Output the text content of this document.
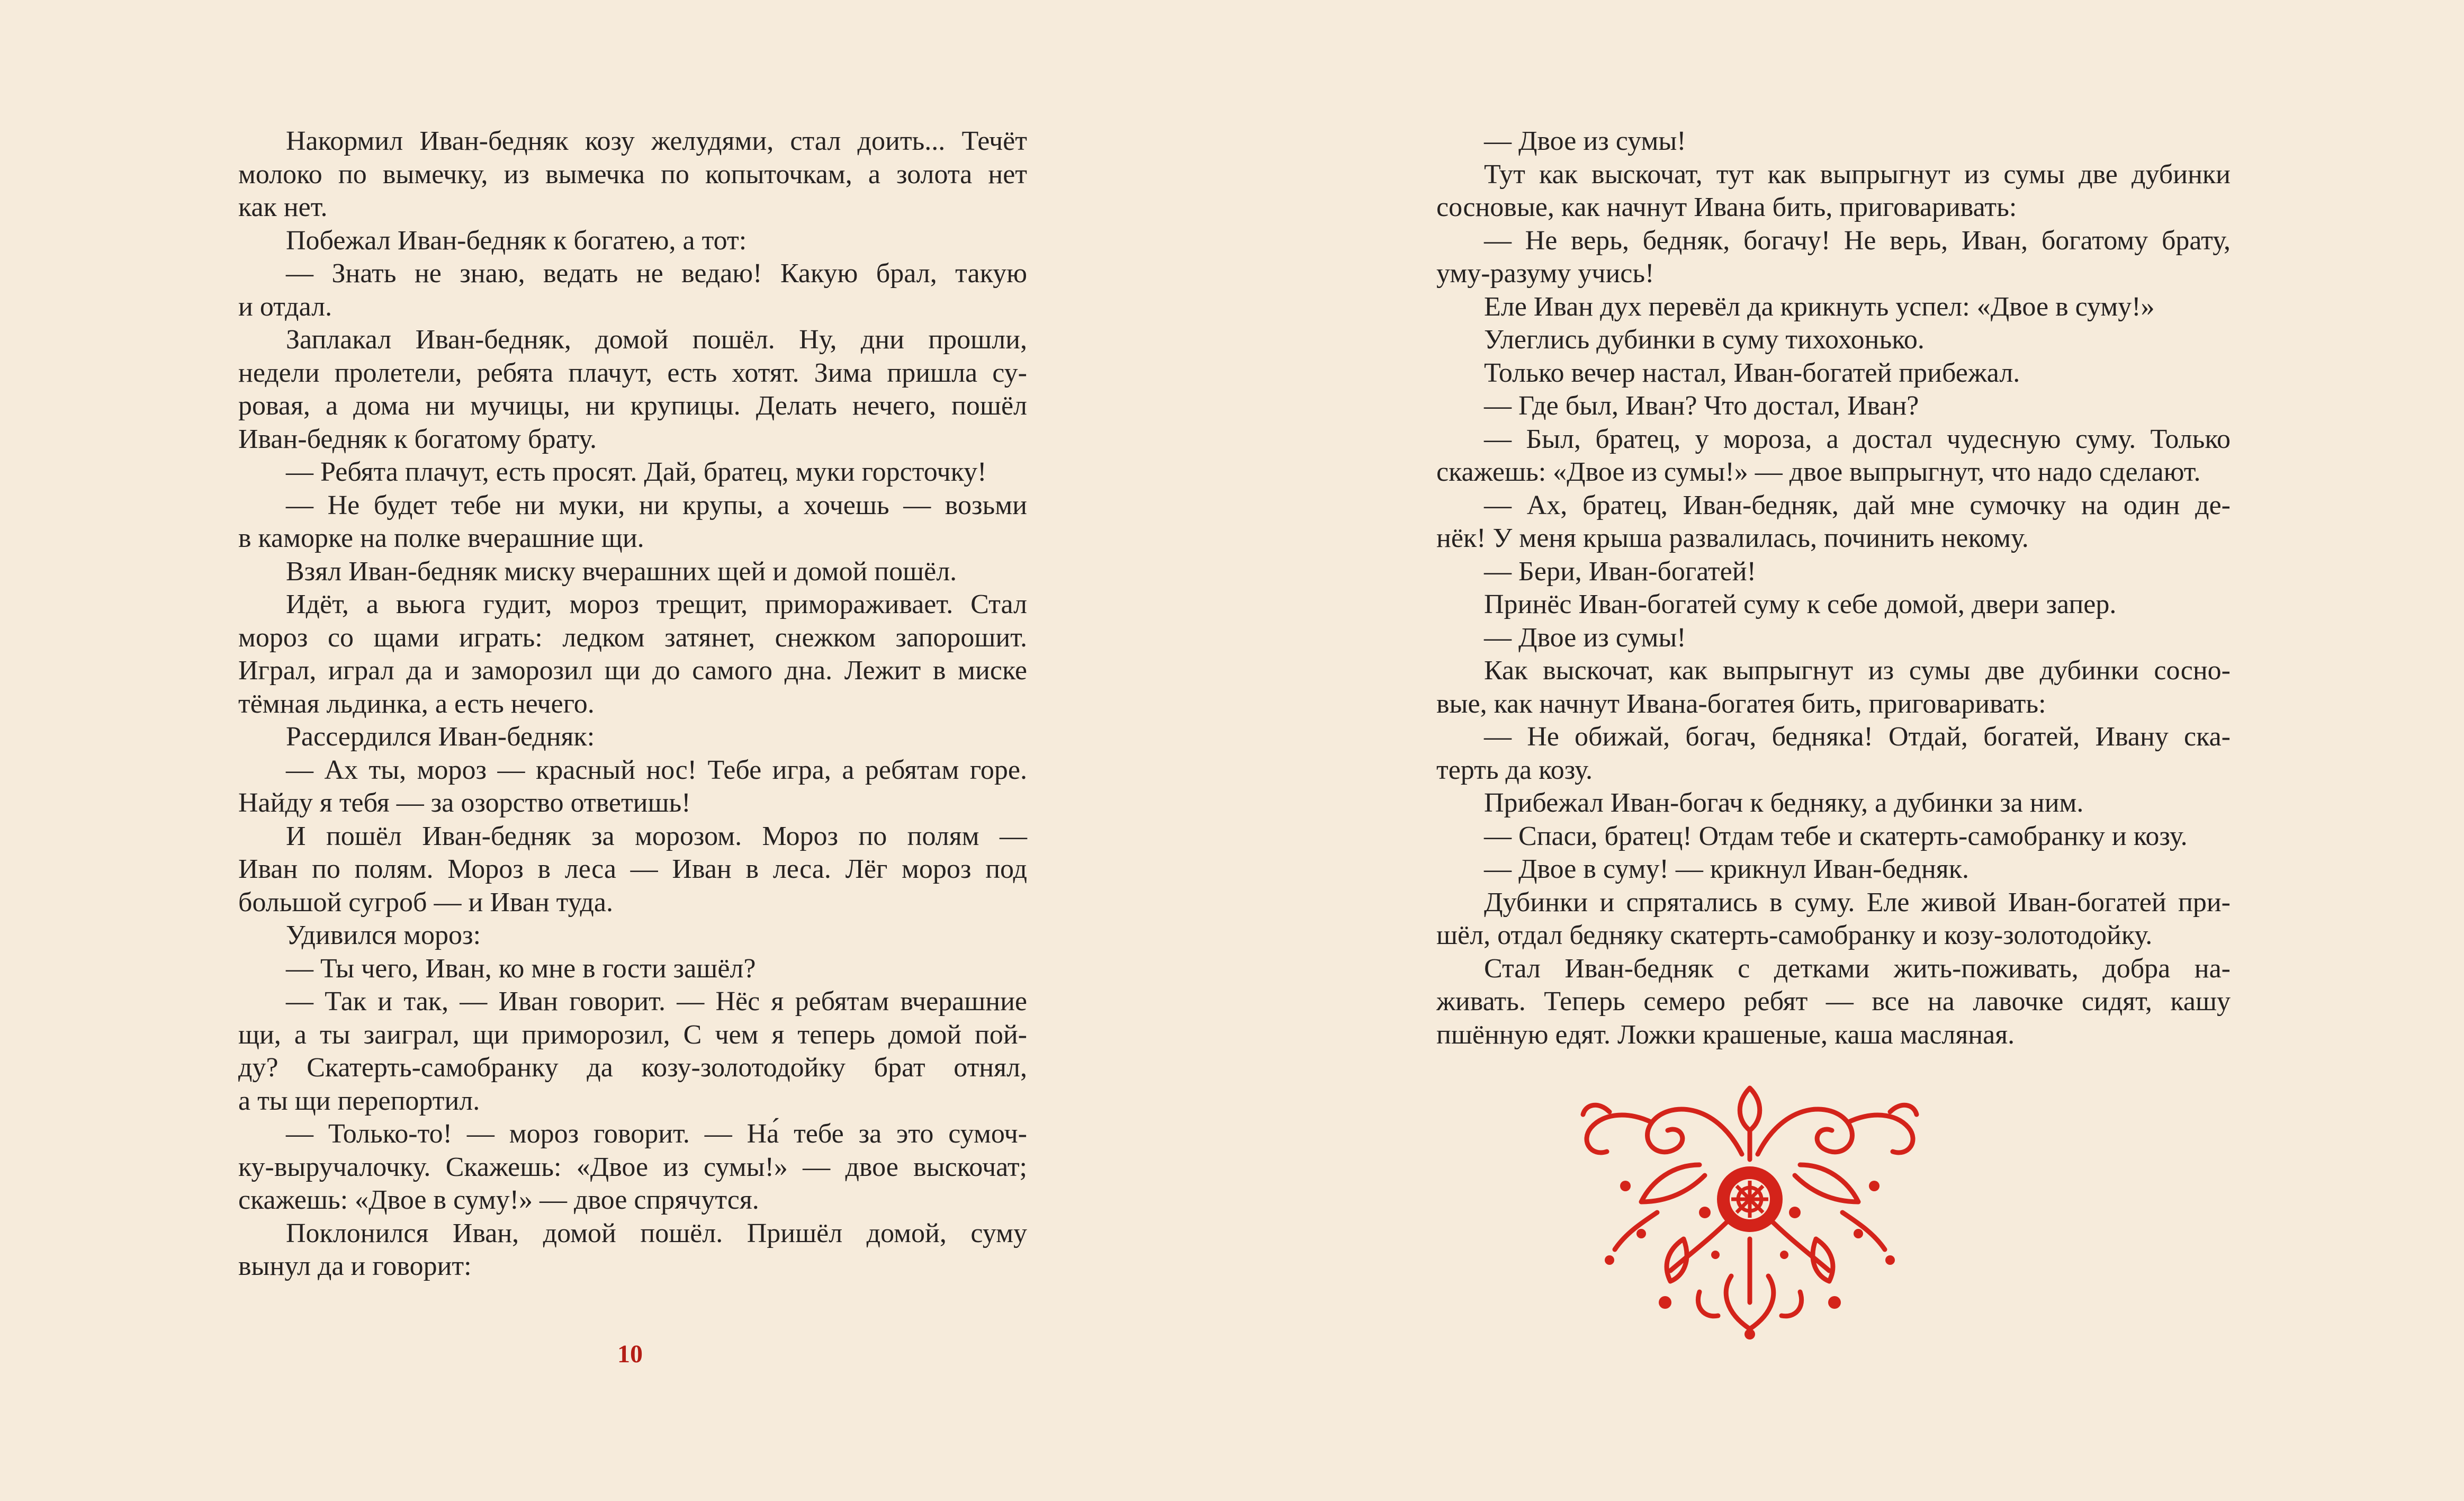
Накормил Иван-бедняк козу желудями, стал доить... Течёт
молоко по вымечку, из вымечка по копыточкам, а золота нет
как нет.
Побежал Иван-бедняк к богатею, а тот:
— Знать не знаю, ведать не ведаю! Какую брал, такую
и отдал.
Заплакал Иван-бедняк, домой пошёл. Ну, дни прошли,
недели пролетели, ребята плачут, есть хотят. Зима пришла су-
ровая, а дома ни мучицы, ни крупицы. Делать нечего, пошёл
Иван-бедняк к богатому брату.
— Ребята плачут, есть просят. Дай, братец, муки горсточку!
— Не будет тебе ни муки, ни крупы, а хочешь — возьми
в каморке на полке вчерашние щи.
Взял Иван-бедняк миску вчерашних щей и домой пошёл.
Идёт, а вьюга гудит, мороз трещит, примораживает. Стал
мороз со щами играть: ледком затянет, снежком запорошит.
Играл, играл да и заморозил щи до самого дна. Лежит в миске
тёмная льдинка, а есть нечего.
Рассердился Иван-бедняк:
— Ах ты, мороз — красный нос! Тебе игра, а ребятам горе.
Найду я тебя — за озорство ответишь!
И пошёл Иван-бедняк за морозом. Мороз по полям —
Иван по полям. Мороз в леса — Иван в леса. Лёг мороз под
большой сугроб — и Иван туда.
Удивился мороз:
— Ты чего, Иван, ко мне в гости зашёл?
— Так и так, — Иван говорит. — Нёс я ребятам вчерашние
щи, а ты заиграл, щи приморозил, С чем я теперь домой пой-
ду? Скатерть-самобранку да козу-золотодойку брат отнял,
а ты щи перепортил.
— Только-то! — мороз говорит. — На́ тебе за это сумоч-
ку-выручалочку. Скажешь: «Двое из сумы!» — двое выскочат;
скажешь: «Двое в суму!» — двое спрячутся.
Поклонился Иван, домой пошёл. Пришёл домой, суму
вынул да и говорит:
10
— Двое из сумы!
Тут как выскочат, тут как выпрыгнут из сумы две дубинки
сосновые, как начнут Ивана бить, приговаривать:
— Не верь, бедняк, богачу! Не верь, Иван, богатому брату,
уму-разуму учись!
Еле Иван дух перевёл да крикнуть успел: «Двое в суму!»
Улеглись дубинки в суму тихохонько.
Только вечер настал, Иван-богатей прибежал.
— Где был, Иван? Что достал, Иван?
— Был, братец, у мороза, а достал чудесную суму. Только
скажешь: «Двое из сумы!» — двое выпрыгнут, что надо сделают.
— Ах, братец, Иван-бедняк, дай мне сумочку на один де-
нёк! У меня крыша развалилась, починить некому.
— Бери, Иван-богатей!
Принёс Иван-богатей суму к себе домой, двери запер.
— Двое из сумы!
Как выскочат, как выпрыгнут из сумы две дубинки сосно-
вые, как начнут Ивана-богатея бить, приговаривать:
— Не обижай, богач, бедняка! Отдай, богатей, Ивану ска-
терть да козу.
Прибежал Иван-богач к бедняку, а дубинки за ним.
— Спаси, братец! Отдам тебе и скатерть-самобранку и козу.
— Двое в суму! — крикнул Иван-бедняк.
Дубинки и спрятались в суму. Еле живой Иван-богатей при-
шёл, отдал бедняку скатерть-самобранку и козу-золотодойку.
Стал Иван-бедняк с детками жить-поживать, добра на-
живать. Теперь семеро ребят — все на лавочке сидят, кашу
пшённую едят. Ложки крашеные, каша масляная.
